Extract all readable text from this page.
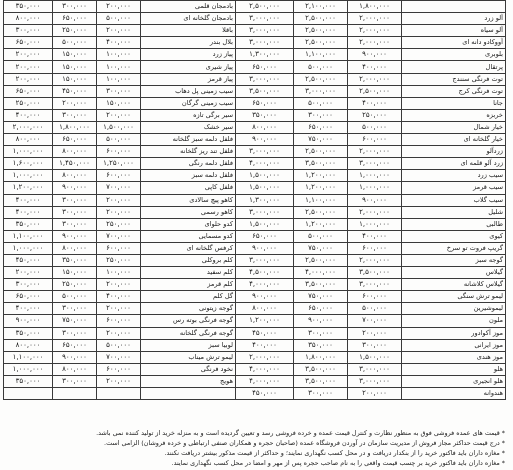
۳۵۰,۰۰۰	۳۰۰,۰۰۰	۲۰۰,۰۰۰	بادمجان قلمی	۲,۵۰۰,۰۰۰	۲,۱۰۰,۰۰۰	۱,۸۰۰,۰۰۰	
۸۰۰,۰۰۰	۶۵۰,۰۰۰	۵۰۰,۰۰۰	بادمجان گلخانه ای	۳,۰۰۰,۰۰۰	۲,۵۰۰,۰۰۰	۲,۰۰۰,۰۰۰	آلو زرد
۳۰۰,۰۰۰	۲۵۰,۰۰۰	۲۰۰,۰۰۰	باقلا	۳,۰۰۰,۰۰۰	۲,۵۰۰,۰۰۰	۲,۰۰۰,۰۰۰	آلو سیاه
۶۵۰,۰۰۰	۵۰۰,۰۰۰	۴۰۰,۰۰۰	بلال بندر	۳,۰۰۰,۰۰۰	۲,۵۰۰,۰۰۰	۲,۰۰۰,۰۰۰	آووکادو دانه ای
۲۰۰,۰۰۰	۱۵۰,۰۰۰	۱۰۰,۰۰۰	پیاز زرد	۱,۳۰۰,۰۰۰	۱,۱۰۰,۰۰۰	۹۰۰,۰۰۰	بلوبری
۲۰۰,۰۰۰	۱۵۰,۰۰۰	۱۰۰,۰۰۰	پیاز شیری	۶۵۰,۰۰۰	۵۰۰,۰۰۰	۴۰۰,۰۰۰	پرتقال
۲۰۰,۰۰۰	۱۵۰,۰۰۰	۱۰۰,۰۰۰	پیاز قرمز	۳,۰۰۰,۰۰۰	۲,۵۰۰,۰۰۰	۲,۰۰۰,۰۰۰	توت فرنگی سنندج
۶۵۰,۰۰۰	۴۵۰,۰۰۰	۳۰۰,۰۰۰	سیب زمینی پل دهاب	۳,۵۰۰,۰۰۰	۳,۰۰۰,۰۰۰	۲,۵۰۰,۰۰۰	توت فرنگی کرج
۲۵۰,۰۰۰	۲۰۰,۰۰۰	۱۵۰,۰۰۰	سیب زمینی گرگان	۶۵۰,۰۰۰	۵۰۰,۰۰۰	۴۰۰,۰۰۰	جانا
۴۰۰,۰۰۰	۳۰۰,۰۰۰	۲۰۰,۰۰۰	سیر برگی تازه	۳۵۰,۰۰۰	۳۰۰,۰۰۰	۲۵۰,۰۰۰	خربزه
۲,۰۰۰,۰۰۰	۱,۸۰۰,۰۰۰	۱,۵۰۰,۰۰۰	سیر خشک	۸۰۰,۰۰۰	۶۵۰,۰۰۰	۵۰۰,۰۰۰	خیار شمال
۸۰۰,۰۰۰	۶۵۰,۰۰۰	۵۰۰,۰۰۰	فلفل دلمه سبز گلخانه	۹۰۰,۰۰۰	۷۵۰,۰۰۰	۶۰۰,۰۰۰	خیار گلخانه ای
۱,۰۰۰,۰۰۰	۸۰۰,۰۰۰	۶۰۰,۰۰۰	فلفل تند ریز گلخانه	۳,۰۰۰,۰۰۰	۲,۵۰۰,۰۰۰	۲,۰۰۰,۰۰۰	زردآلو
۱,۶۰۰,۰۰۰	۱,۴۵۰,۰۰۰	۱,۲۵۰,۰۰۰	فلفل دلمه رنگی	۴,۰۰۰,۰۰۰	۳,۵۰۰,۰۰۰	۳,۰۰۰,۰۰۰	زرد آلو قلمه ای
۱,۰۰۰,۰۰۰	۸۰۰,۰۰۰	۶۰۰,۰۰۰	فلفل دلمه سبز	۱,۵۰۰,۰۰۰	۱,۲۰۰,۰۰۰	۱,۰۰۰,۰۰۰	سیب زرد
۱,۲۰۰,۰۰۰	۹۰۰,۰۰۰	۷۰۰,۰۰۰	فلفل کاپی	۱,۵۰۰,۰۰۰	۱,۲۰۰,۰۰۰	۱,۰۰۰,۰۰۰	سیب قرمز
۴۰۰,۰۰۰	۳۰۰,۰۰۰	۲۰۰,۰۰۰	کاهو پیچ سالادی	۱,۳۰۰,۰۰۰	۱,۱۰۰,۰۰۰	۹۰۰,۰۰۰	سیب گلاب
۴۰۰,۰۰۰	۳۰۰,۰۰۰	۲۰۰,۰۰۰	کاهو رسمی	۳,۰۰۰,۰۰۰	۲,۵۰۰,۰۰۰	۲,۰۰۰,۰۰۰	شلیل
۳۵۰,۰۰۰	۳۰۰,۰۰۰	۲۵۰,۰۰۰	کدو حلوای	۱,۵۰۰,۰۰۰	۱,۲۰۰,۰۰۰	۱,۰۰۰,۰۰۰	طالبی
۱,۱۰۰,۰۰۰	۹۰۰,۰۰۰	۷۰۰,۰۰۰	کدو مسمایی	۶۵۰,۰۰۰	۵۰۰,۰۰۰	۴۰۰,۰۰۰	کیوی
۱,۰۰۰,۰۰۰	۸۰۰,۰۰۰	۶۰۰,۰۰۰	کرفس گلخانه ای	۹۰۰,۰۰۰	۷۵۰,۰۰۰	۶۰۰,۰۰۰	گریپ فروت تو سرخ
۴۵۰,۰۰۰	۳۵۰,۰۰۰	۲۵۰,۰۰۰	کلم بروکلی	۳,۰۰۰,۰۰۰	۲,۵۰۰,۰۰۰	۲,۰۰۰,۰۰۰	گوجه سبز
۲۰۰,۰۰۰	۱۵۰,۰۰۰	۱۰۰,۰۰۰	کلم سفید	۴,۵۰۰,۰۰۰	۴,۰۰۰,۰۰۰	۳,۵۰۰,۰۰۰	گیلاس
۳۰۰,۰۰۰	۲۵۰,۰۰۰	۲۰۰,۰۰۰	کلم قرمز	۴,۰۰۰,۰۰۰	۳,۵۰۰,۰۰۰	۳,۰۰۰,۰۰۰	گیلاس کلاشانه
۶۵۰,۰۰۰	۵۰۰,۰۰۰	۴۰۰,۰۰۰	گل کلم	۹۰۰,۰۰۰	۷۵۰,۰۰۰	۶۰۰,۰۰۰	لیمو ترش سنگی
۴۰۰,۰۰۰	۳۰۰,۰۰۰	۲۰۰,۰۰۰	گوجه زیتونی	۸۰۰,۰۰۰	۶۵۰,۰۰۰	۵۰۰,۰۰۰	لیموشیرین
۹۰۰,۰۰۰	۷۵۰,۰۰۰	۶۰۰,۰۰۰	گوجه فرنگی بوته رس	۱,۲۰۰,۰۰۰	۹۰۰,۰۰۰	۷۰۰,۰۰۰	ملون
۳۵۰,۰۰۰	۳۰۰,۰۰۰	۲۰۰,۰۰۰	گوجه فرنگی گلخانه	۴۵۰,۰۰۰	۳۰۰,۰۰۰	۲۰۰,۰۰۰	موز آکوادور
۸۰۰,۰۰۰	۶۵۰,۰۰۰	۵۰۰,۰۰۰	لوبیا سبز	۴۰۰,۰۰۰	۳۵۰,۰۰۰	۳۰۰,۰۰۰	موز ایرانی
۱,۱۰۰,۰۰۰	۹۰۰,۰۰۰	۷۰۰,۰۰۰	لیمو ترش میناب	۲,۰۰۰,۰۰۰	۱,۸۰۰,۰۰۰	۱,۵۰۰,۰۰۰	موز هندی
۱,۰۰۰,۰۰۰	۸۰۰,۰۰۰	۶۰۰,۰۰۰	نخود فرنگی	۴,۰۰۰,۰۰۰	۳,۵۰۰,۰۰۰	۳,۰۰۰,۰۰۰	هلو
۳۵۰,۰۰۰	۳۰۰,۰۰۰	۲۰۰,۰۰۰	هویج	۴,۰۰۰,۰۰۰	۳,۵۰۰,۰۰۰	۳,۰۰۰,۰۰۰	هلو انجیری
				۴۵۰,۰۰۰	۳۰۰,۰۰۰	۲۰۰,۰۰۰	هندوانه
* قیمت های عمده فروشی فوق به منظور نظارت و کنترل قیمت عمده و خرده فروشی رسد و تعیین گردیده است و به منزله خرید از تولید کننده نمی باشد.
* درج قیمت حداکثر مجاز فروش از مدیریت سازمان در آوردن فروشگاه عمده (صاحبان حجره و همکاران صنفی ارتباطی و خرده فروشان) الزامی است.
* مغازه داران باید فاکتور خرید را از بنکدار دریافت و در محل کسب نگهداری نمایند؛ و حداکثر از قیمت مذکور بیشتر دریافت نکنند.
* مغازه داران باید فاکتور خرید بر چسب قیمت واقعی را به نام صاحب حجره پس از مهر و امضا در محل کسب نگهداری نمایند.
